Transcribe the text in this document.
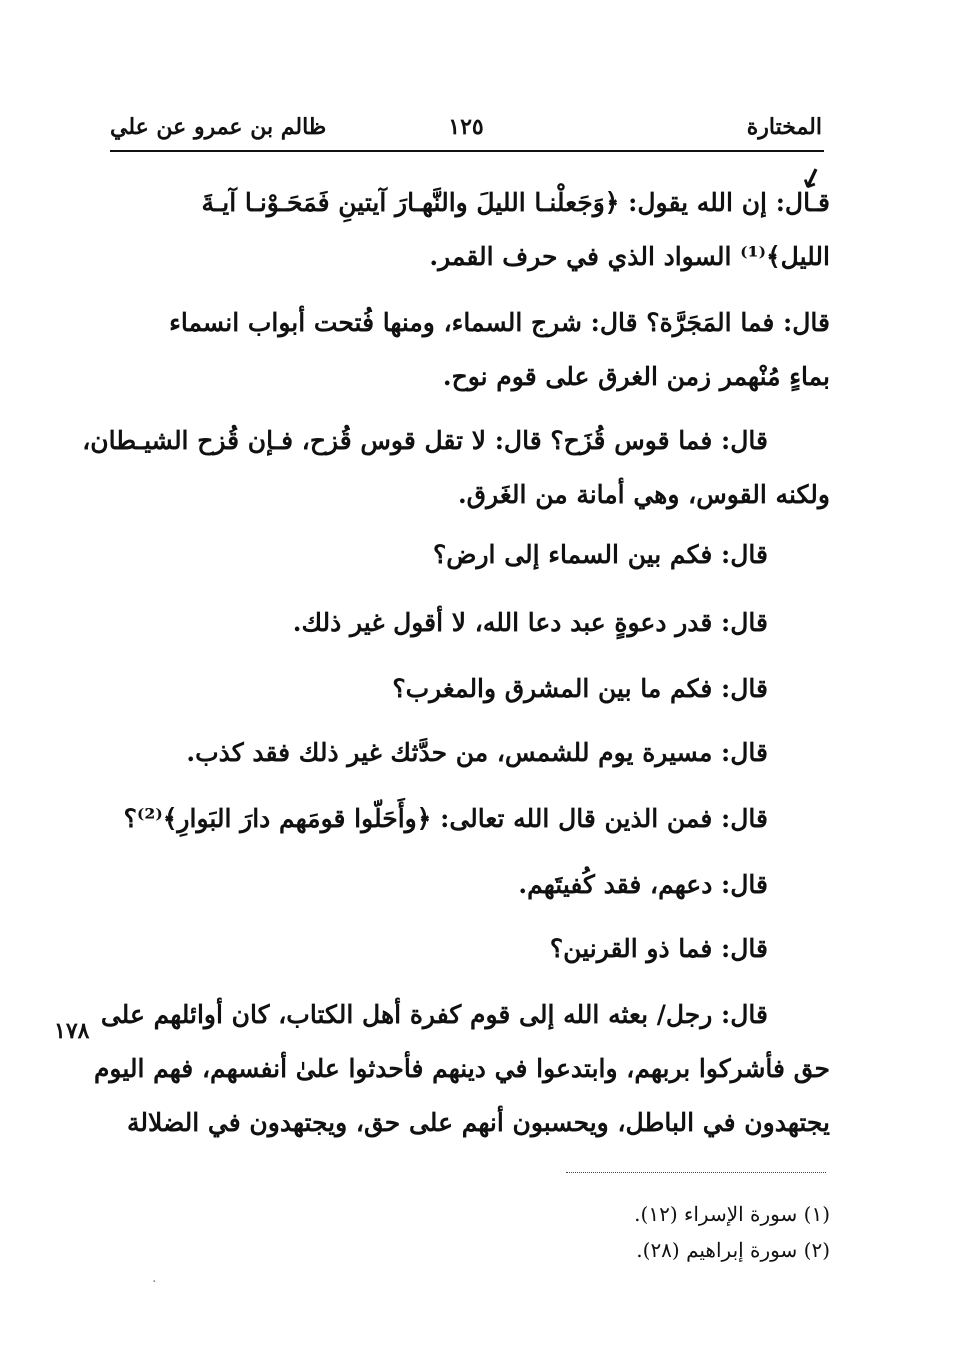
المختارة
١٢٥
ظالم بن عمرو عن علي
↙
قـال: إن الله يقول: ﴿وَجَعلْنـا الليلَ والنَّهـارَ آيتينِ فَمَحَـوْنـا آيـةَ
الليل﴾⁽¹⁾ السواد الذي في حرف القمر.
قال: فما المَجَرَّة؟ قال: شرج السماء، ومنها فُتحت أبواب انسماء
بماءٍ مُنْهمر زمن الغرق على قوم نوح.
قال: فما قوس قُزَح؟ قال: لا تقل قوس قُزح، فـإن قُزح الشيـطان،
ولكنه القوس، وهي أمانة من الغَرق.
قال: فكم بين السماء إلى ارض؟
قال: قدر دعوةٍ عبد دعا الله، لا أقول غير ذلك.
قال: فكم ما بين المشرق والمغرب؟
قال: مسيرة يوم للشمس، من حدَّثك غير ذلك فقد كذب.
قال: فمن الذين قال الله تعالى: ﴿وأَحَلّوا قومَهم دارَ البَوارِ﴾⁽²⁾؟
قال: دعهم، فقد كُفيتَهم.
قال: فما ذو القرنين؟
قال: رجل/ بعثه الله إلى قوم كفرة أهل الكتاب، كان أوائلهم على
حق فأشركوا بربهم، وابتدعوا في دينهم فأحدثوا علىٰ أنفسهم، فهم اليوم
يجتهدون في الباطل، ويحسبون أنهم على حق، ويجتهدون في الضلالة
١٧٨
(١) سورة الإسراء (١٢).
(٢) سورة إبراهيم (٢٨).
·
